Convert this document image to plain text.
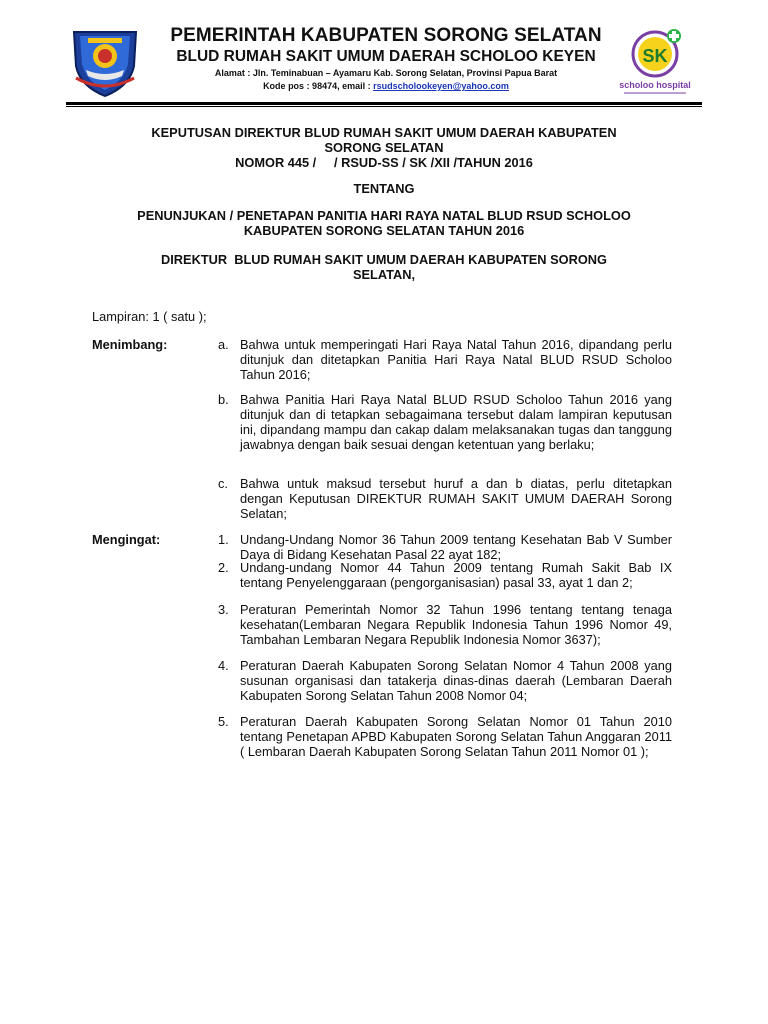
PEMERINTAH KABUPATEN SORONG SELATAN
BLUD RUMAH SAKIT UMUM DAERAH SCHOLOO KEYEN
Alamat : Jln. Teminabuan – Ayamaru Kab. Sorong Selatan, Provinsi Papua Barat
Kode pos : 98474, email : rsudscholookeyen@yahoo.com
SK
scholoo hospital
KEPUTUSAN DIREKTUR BLUD RUMAH SAKIT UMUM DAERAH KABUPATEN
SORONG SELATAN
NOMOR 445 /     / RSUD-SS / SK /XII /TAHUN 2016
TENTANG
PENUNJUKAN / PENETAPAN PANITIA HARI RAYA NATAL BLUD RSUD SCHOLOO
KABUPATEN SORONG SELATAN TAHUN 2016
DIREKTUR  BLUD RUMAH SAKIT UMUM DAERAH KABUPATEN SORONG
SELATAN,
Lampiran: 1 ( satu );
Menimbang:	a. Bahwa untuk memperingati Hari Raya Natal Tahun 2016, dipandang perlu ditunjuk dan ditetapkan Panitia Hari Raya Natal BLUD RSUD Scholoo Tahun 2016;
b. Bahwa Panitia Hari Raya Natal BLUD RSUD Scholoo Tahun 2016 yang ditunjuk dan di tetapkan sebagaimana tersebut dalam lampiran keputusan ini, dipandang mampu dan cakap dalam melaksanakan tugas dan tanggung jawabnya dengan baik sesuai dengan ketentuan yang berlaku;
c. Bahwa untuk maksud tersebut huruf a dan b diatas, perlu ditetapkan dengan Keputusan DIREKTUR RUMAH SAKIT UMUM DAERAH Sorong Selatan;
Mengingat:	1. Undang-Undang Nomor 36 Tahun 2009 tentang Kesehatan Bab V Sumber Daya di Bidang Kesehatan Pasal 22 ayat 182;
2. Undang-undang Nomor 44 Tahun 2009 tentang Rumah Sakit Bab IX tentang Penyelenggaraan (pengorganisasian) pasal 33, ayat 1 dan 2;
3. Peraturan Pemerintah Nomor 32 Tahun 1996 tentang tentang tenaga kesehatan(Lembaran Negara Republik Indonesia Tahun 1996 Nomor 49, Tambahan Lembaran Negara Republik Indonesia Nomor 3637);
4. Peraturan Daerah Kabupaten Sorong Selatan Nomor 4 Tahun 2008 yang susunan organisasi dan tatakerja dinas-dinas daerah (Lembaran Daerah Kabupaten Sorong Selatan Tahun 2008 Nomor 04;
5. Peraturan Daerah Kabupaten Sorong Selatan Nomor 01 Tahun 2010 tentang Penetapan APBD Kabupaten Sorong Selatan Tahun Anggaran 2011 ( Lembaran Daerah Kabupaten Sorong Selatan Tahun 2011 Nomor 01 );
